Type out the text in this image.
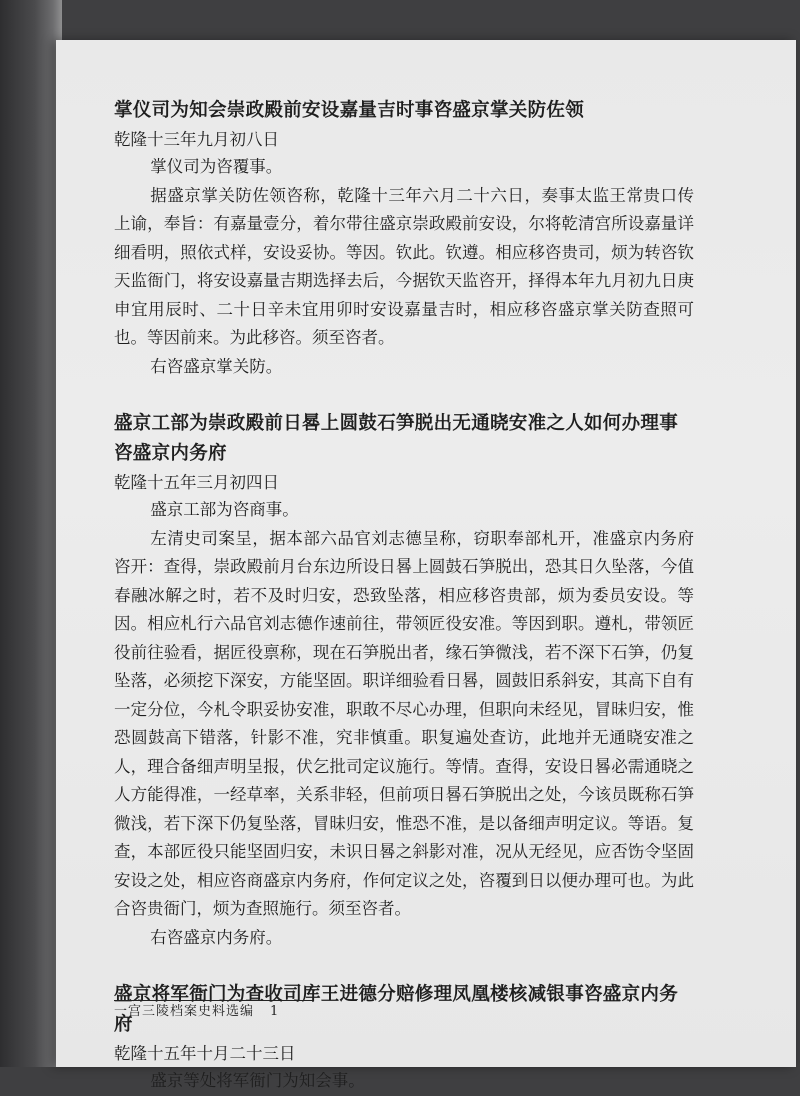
掌仪司为知会崇政殿前安设嘉量吉时事咨盛京掌关防佐领

乾隆十三年九月初八日

掌仪司为咨覆事。

据盛京掌关防佐领咨称，乾隆十三年六月二十六日，奏事太监王常贵口传上谕，奉旨：有嘉量壹分，着尔带往盛京崇政殿前安设，尔将乾清宫所设嘉量详细看明，照依式样，安设妥协。等因。钦此。钦遵。相应移咨贵司，烦为转咨钦天监衙门，将安设嘉量吉期选择去后，今据钦天监咨开，择得本年九月初九日庚申宜用辰时、二十日辛未宜用卯时安设嘉量吉时，相应移咨盛京掌关防查照可也。等因前来。为此移咨。须至咨者。

右咨盛京掌关防。

盛京工部为崇政殿前日晷上圆鼓石笋脱出无通晓安准之人如何办理事咨盛京内务府

乾隆十五年三月初四日

盛京工部为咨商事。

左清史司案呈，据本部六品官刘志德呈称，窃职奉部札开，准盛京内务府咨开：查得，崇政殿前月台东边所设日晷上圆鼓石笋脱出，恐其日久坠落，今值春融冰解之时，若不及时归安，恐致坠落，相应移咨贵部，烦为委员安设。等因。相应札行六品官刘志德作速前往，带领匠役安准。等因到职。遵札，带领匠役前往验看，据匠役禀称，现在石笋脱出者，缘石笋微浅，若不深下石笋，仍复坠落，必须挖下深安，方能坚固。职详细验看日晷，圆鼓旧系斜安，其高下自有一定分位，今札令职妥协安准，职敢不尽心办理，但职向未经见，冒昧归安，惟恐圆鼓高下错落，针影不准，究非慎重。职复遍处查访，此地并无通晓安准之人，理合备细声明呈报，伏乞批司定议施行。等情。查得，安设日晷必需通晓之人方能得准，一经草率，关系非轻，但前项日晷石笋脱出之处，今该员既称石笋微浅，若下深下仍复坠落，冒昧归安，惟恐不准，是以备细声明定议。等语。复查，本部匠役只能坚固归安，未识日晷之斜影对准，况从无经见，应否饬令坚固安设之处，相应咨商盛京内务府，作何定议之处，咨覆到日以便办理可也。为此合咨贵衙门，烦为查照施行。须至咨者。

右咨盛京内务府。

盛京将军衙门为查收司库王进德分赔修理凤凰楼核减银事咨盛京内务府

乾隆十五年十月二十三日

盛京等处将军衙门为知会事。

一宫三陵档案史料选编 1
